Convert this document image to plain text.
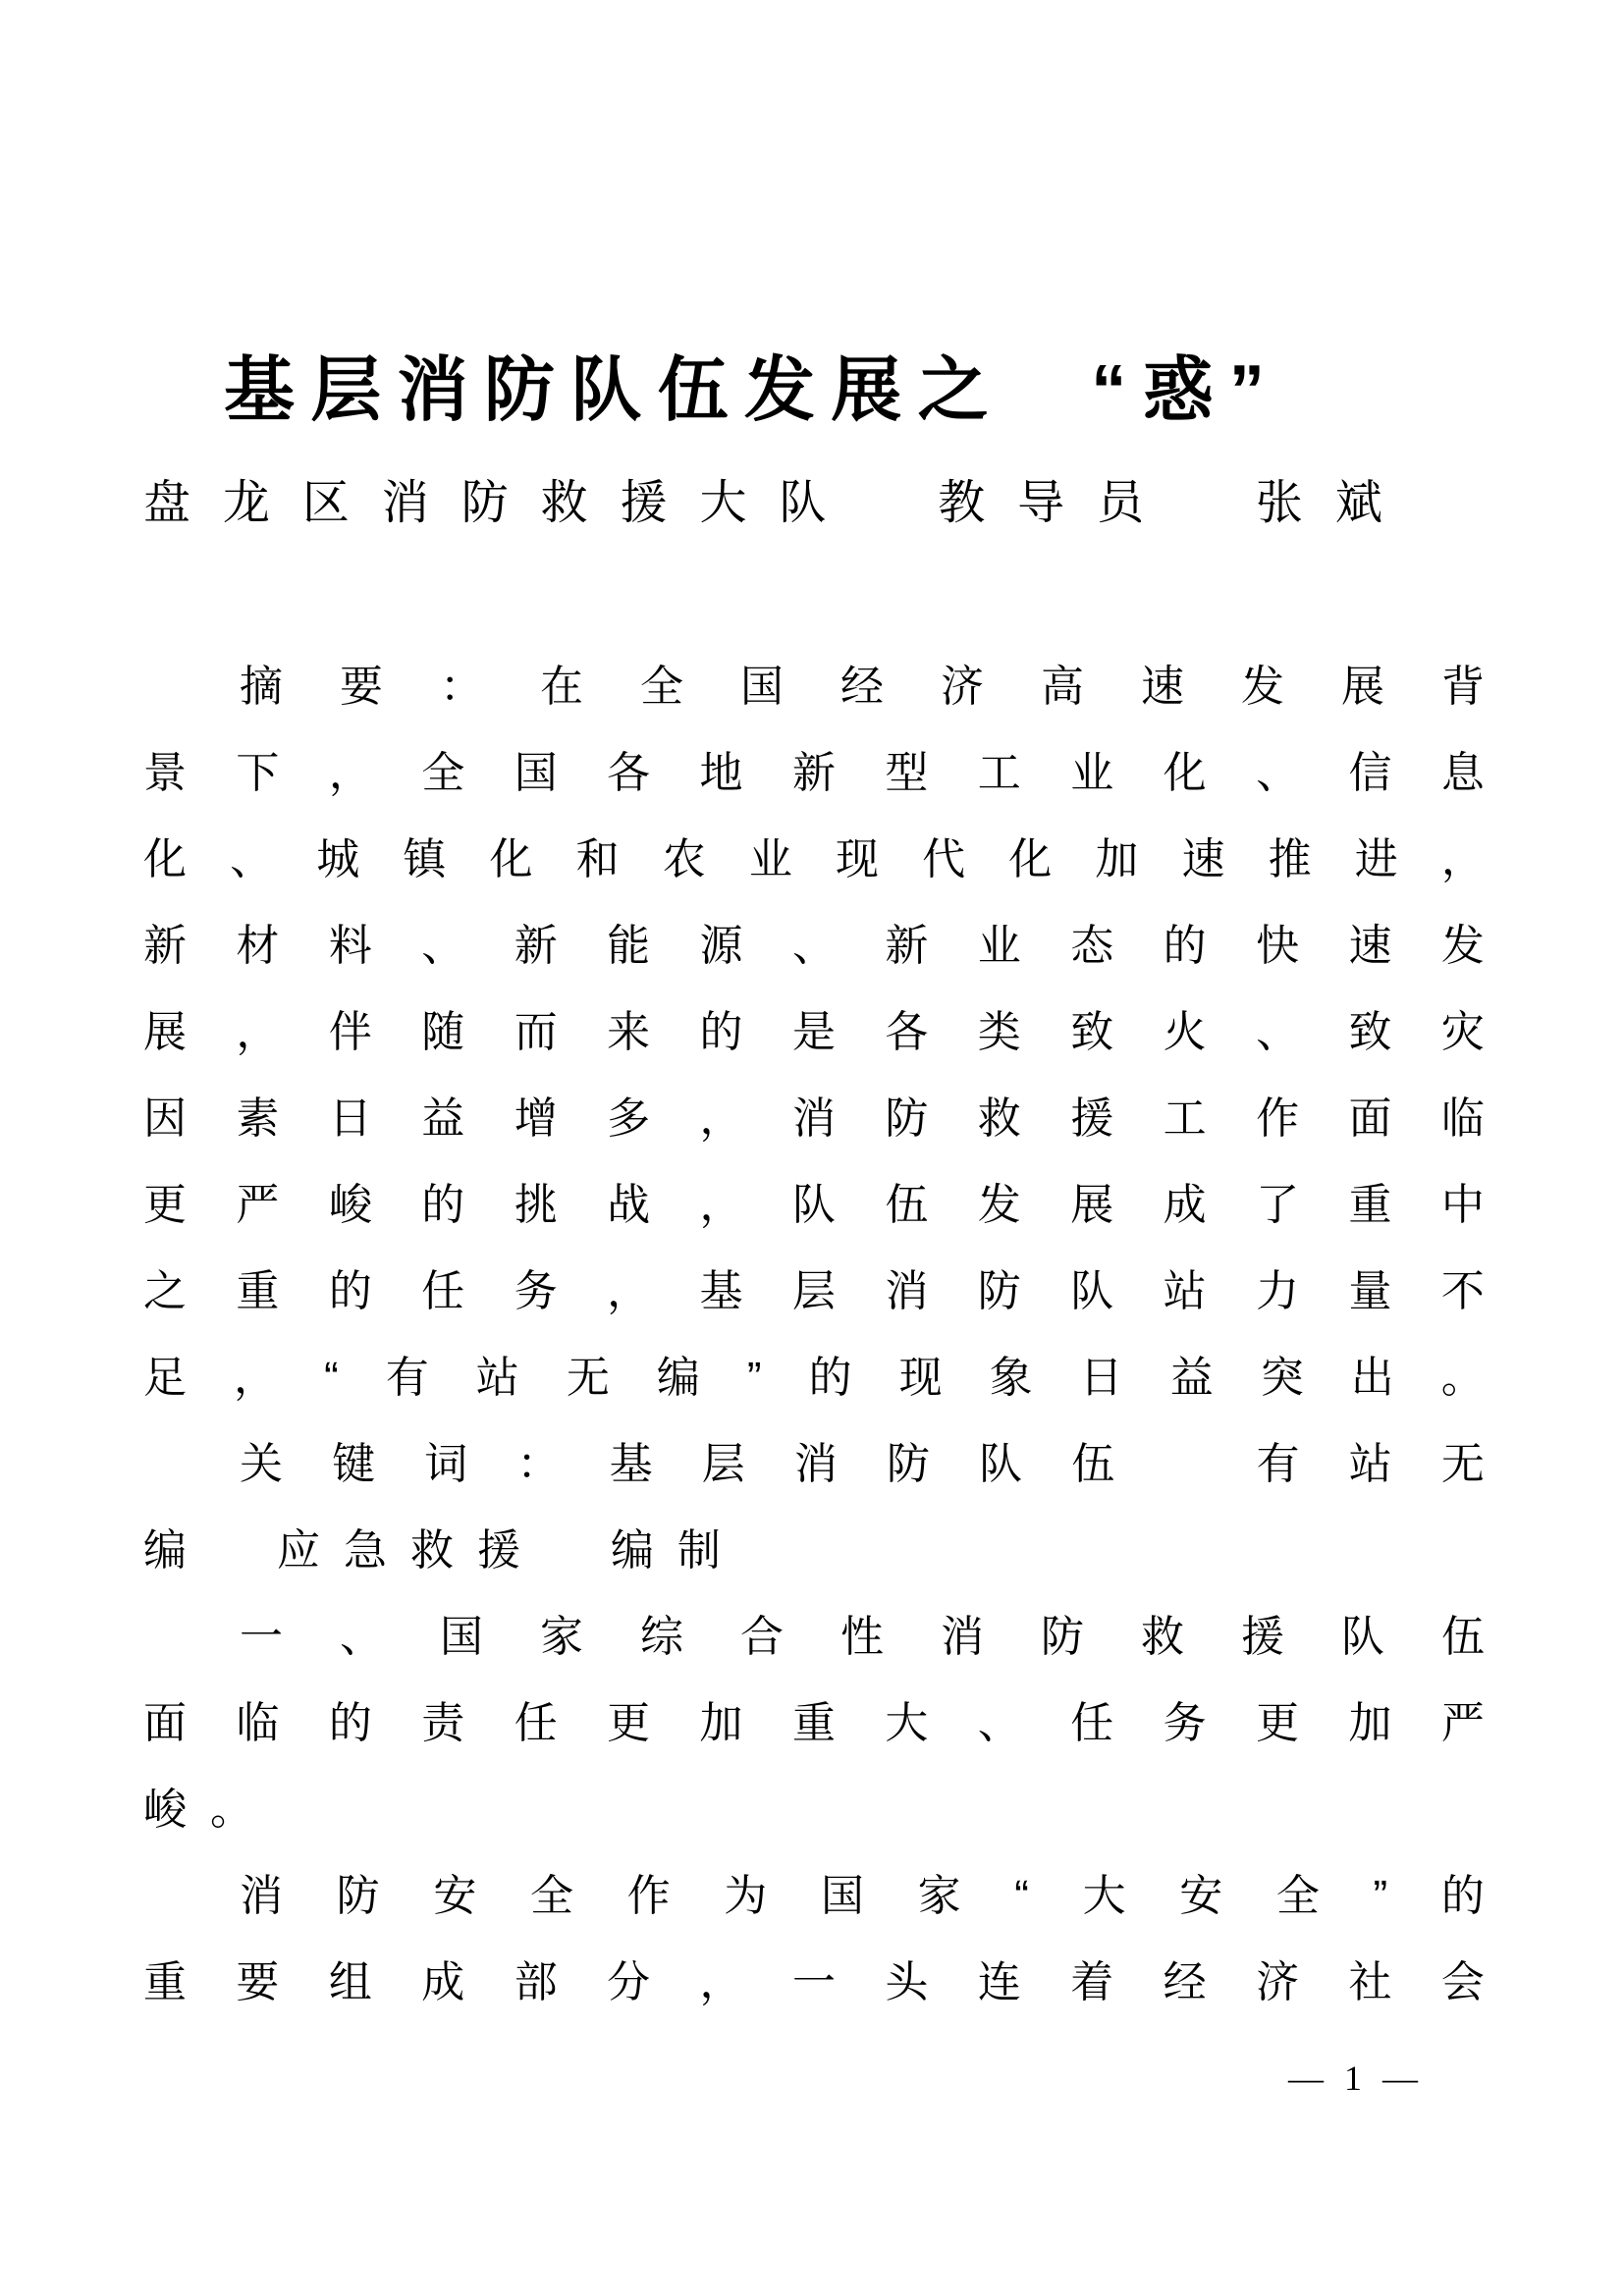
基 层 消 防 队 伍 发 展 之
　 “ 惑 ”
盘 龙 区 消 防 救 援 大 队
　 教 导 员
　 张 斌
摘 要 ： 在 全 国 经 济 高 速 发 展 背
景 下 ， 全 国 各 地 新 型 工 业 化 、 信 息
化 、 城 镇 化 和 农 业 现 代 化 加 速 推 进 ，
新 材 料 、 新 能 源 、 新 业 态 的 快 速 发
展 ， 伴 随 而 来 的 是 各 类 致 火 、 致 灾
因 素 日 益 增 多 ， 消 防 救 援 工 作 面 临
更 严 峻 的 挑 战 ， 队 伍 发 展 成 了 重 中
之 重 的 任 务 ， 基 层 消 防 队 站 力 量 不
足 ， “ 有 站 无 编 ” 的 现 象 日 益 突 出 。
关 键 词 ： 基 层 消 防 队 伍
　	有 站 无
编　应急救援　编制
一 、 国 家 综 合 性 消 防 救 援 队 伍
面 临 的 责 任 更 加 重 大 、 任 务 更 加 严
峻。
消 防 安 全 作 为 国 家 “ 大 安 全 ” 的
重 要 组 成 部 分 ， 一 头 连 着 经 济 社 会
— 1 —
